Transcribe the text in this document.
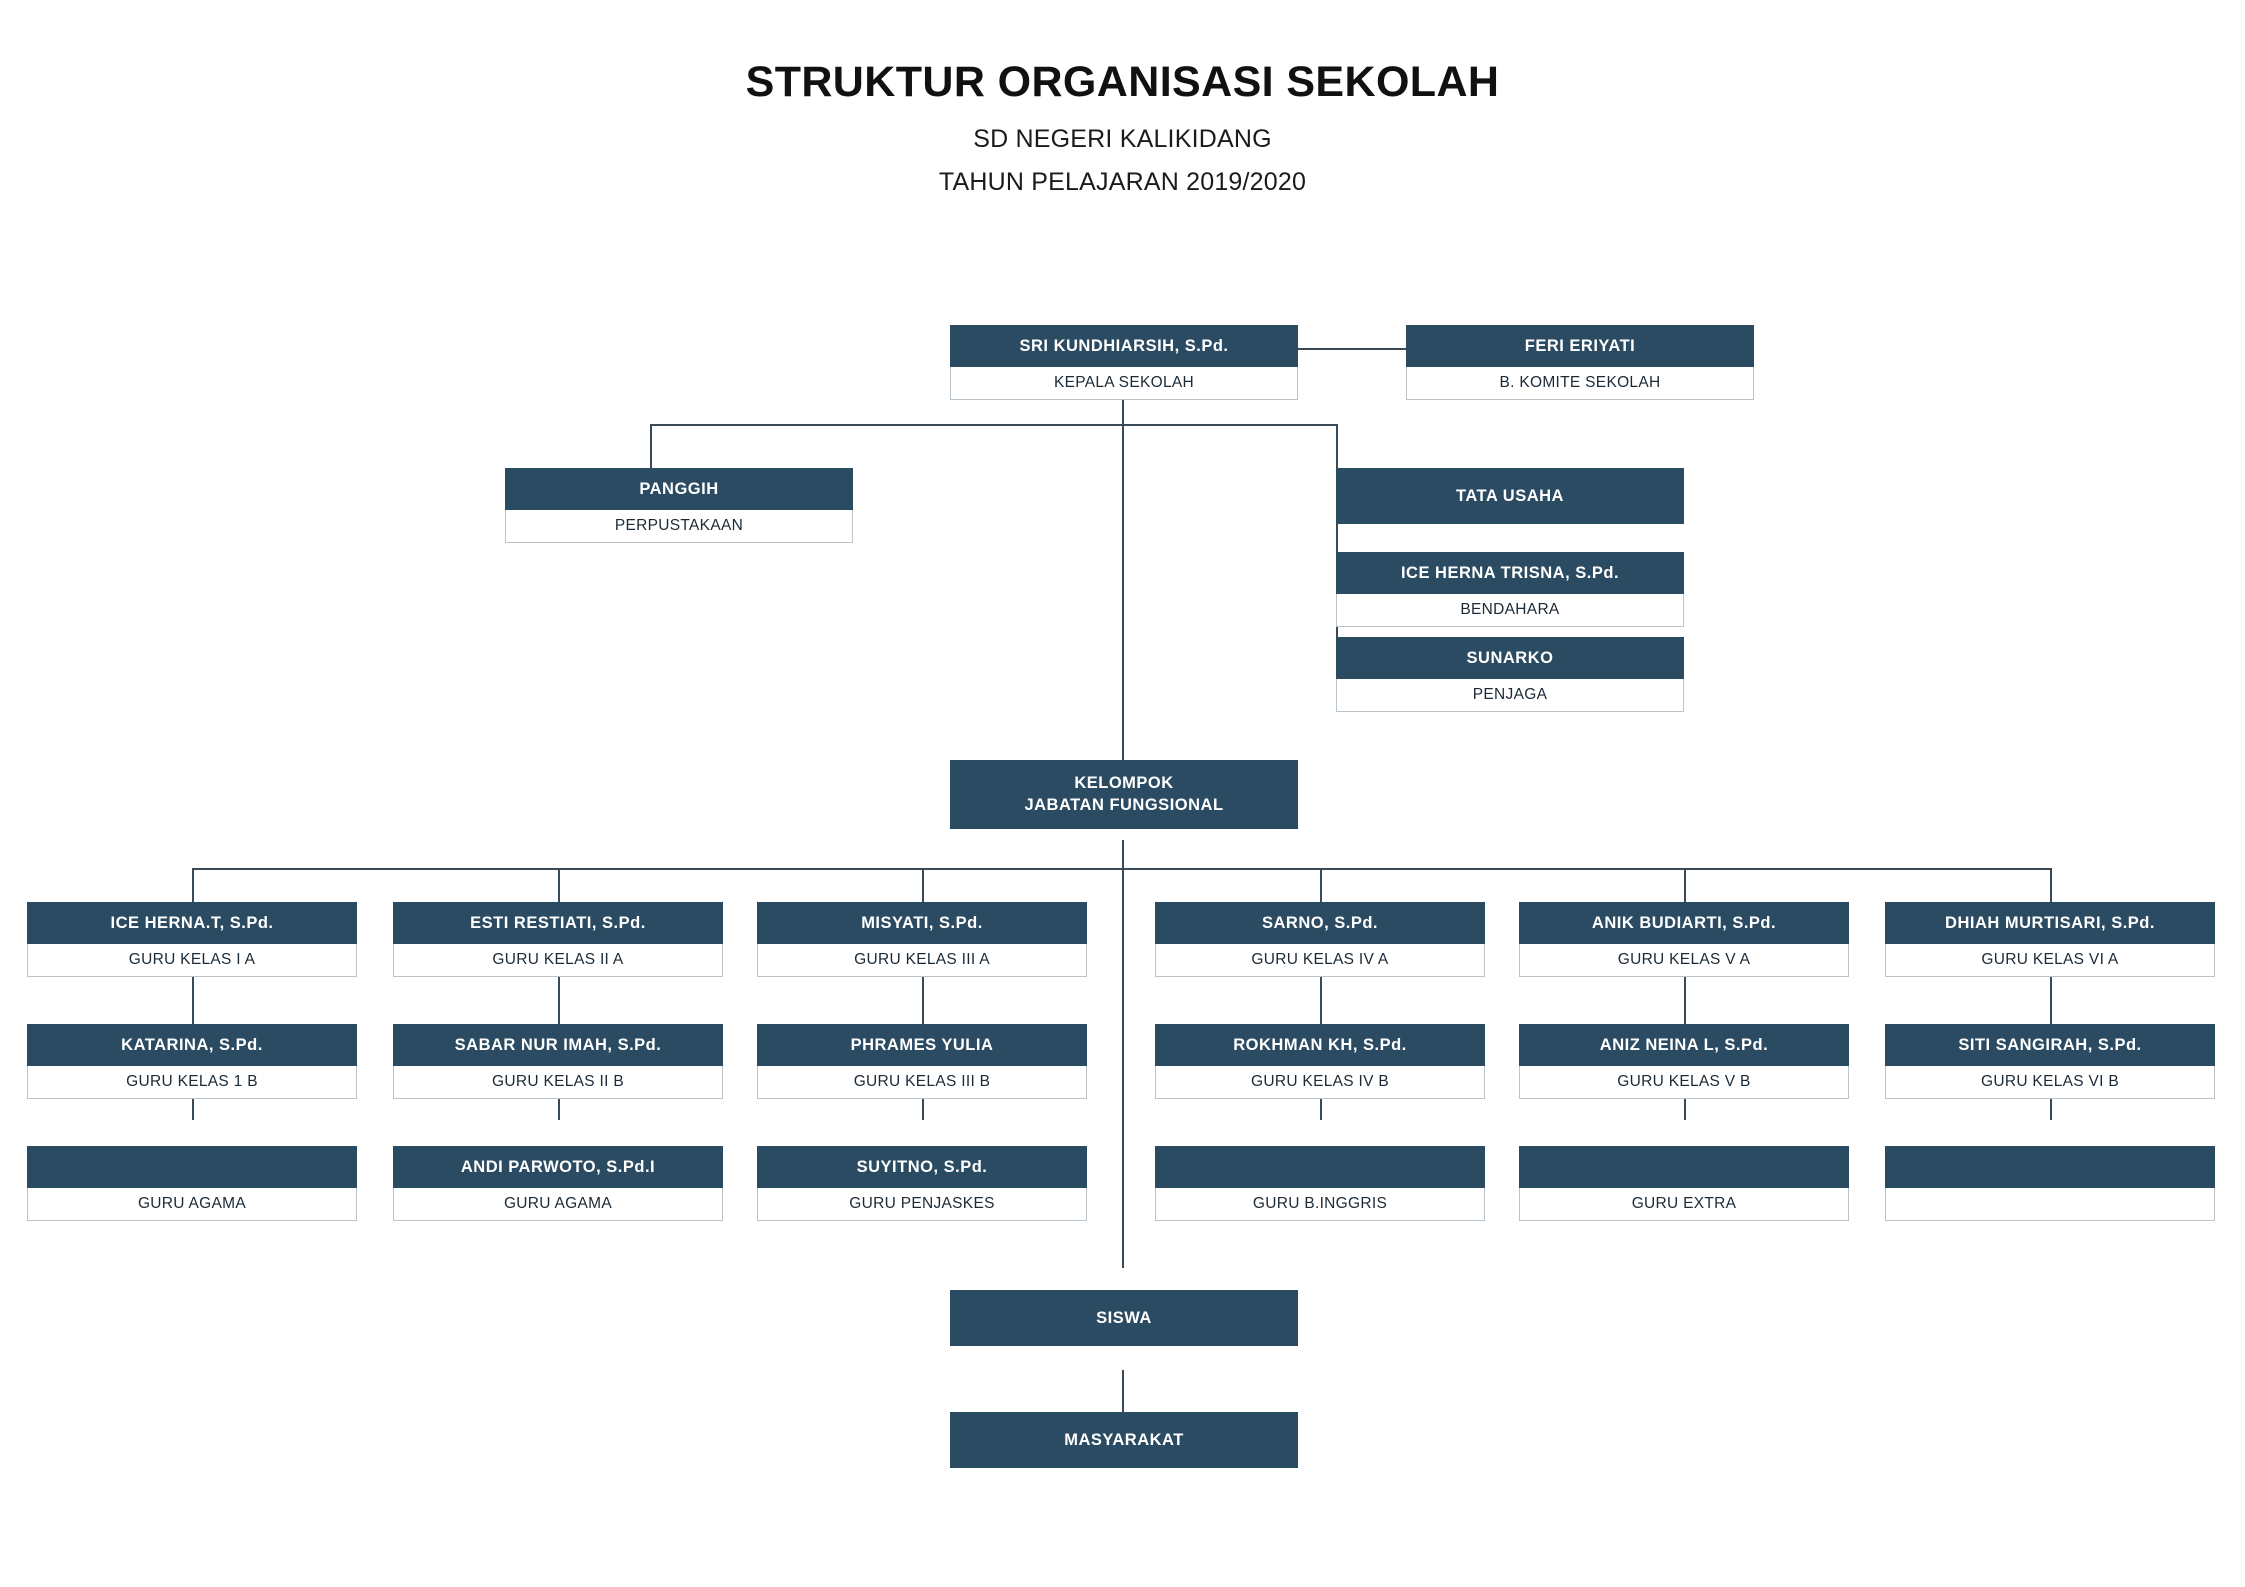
STRUKTUR ORGANISASI SEKOLAH
SD NEGERI KALIKIDANG
TAHUN PELAJARAN 2019/2020
SRI KUNDHIARSIH, S.Pd.
KEPALA SEKOLAH
FERI ERIYATI
B. KOMITE SEKOLAH
PANGGIH
PERPUSTAKAAN
TATA USAHA
ICE HERNA TRISNA, S.Pd.
BENDAHARA
SUNARKO
PENJAGA
KELOMPOK
JABATAN FUNGSIONAL
ICE HERNA.T, S.Pd.
GURU KELAS I A
ESTI RESTIATI, S.Pd.
GURU KELAS II A
MISYATI, S.Pd.
GURU KELAS III A
SARNO, S.Pd.
GURU KELAS IV A
ANIK BUDIARTI, S.Pd.
GURU KELAS V A
DHIAH MURTISARI, S.Pd.
GURU KELAS VI A
KATARINA, S.Pd.
GURU KELAS 1 B
SABAR NUR IMAH, S.Pd.
GURU KELAS II B
PHRAMES YULIA
GURU KELAS III B
ROKHMAN KH, S.Pd.
GURU KELAS IV B
ANIZ NEINA L, S.Pd.
GURU KELAS V B
SITI SANGIRAH, S.Pd.
GURU KELAS VI B

GURU AGAMA
ANDI PARWOTO, S.Pd.I
GURU AGAMA
SUYITNO, S.Pd.
GURU PENJASKES
	GURU B.INGGRIS
	GURU EXTRA

SISWA
MASYARAKAT
